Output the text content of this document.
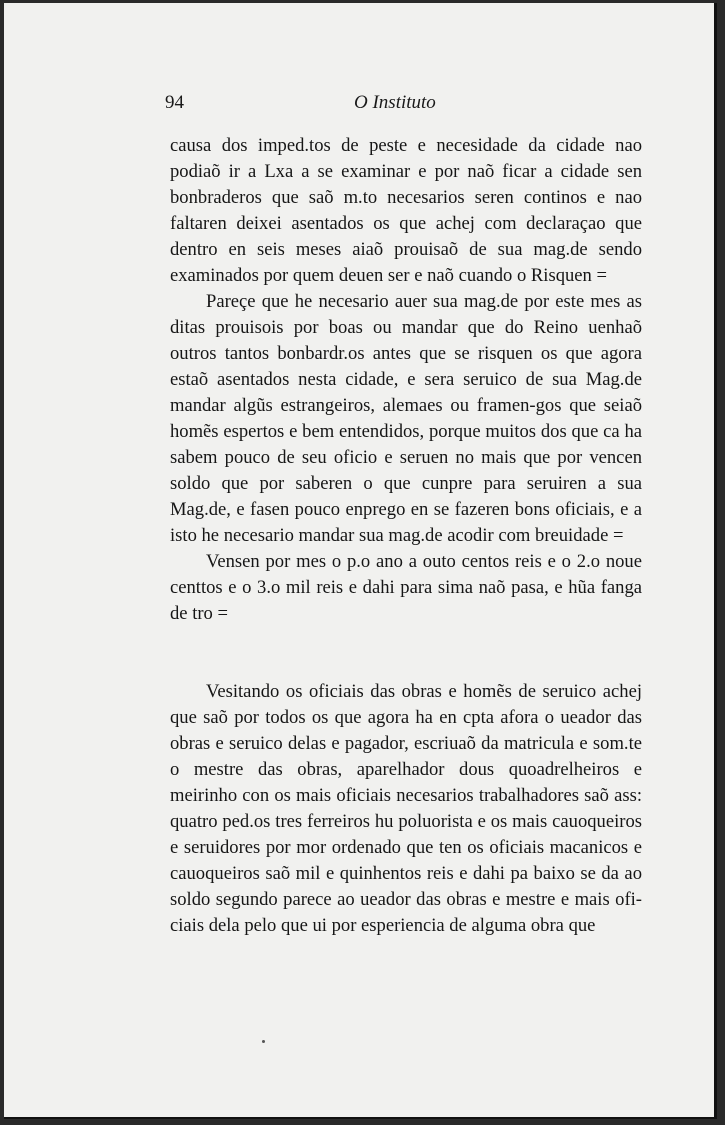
94	O Instituto

causa dos imped.tos de peste e necesidade da cidade nao podiaõ ir a Lxa a se examinar e por naõ ficar a cidade sen bonbraderos que saõ m.to necesarios seren continos e nao faltaren deixei asentados os que achej com declaraçao que dentro en seis meses aiaõ prouisaõ de sua mag.de sendo examinados por quem deuen ser e naõ cuando o Risquen =

Pareçe que he necesario auer sua mag.de por este mes as ditas prouisois por boas ou mandar que do Reino uenhaõ outros tantos bonbardr.os antes que se risquen os que agora estaõ asentados nesta cidade, e sera seruico de sua Mag.de mandar algũs estrangeiros, alemaes ou framen-gos que seiaõ homẽs espertos e bem entendidos, porque muitos dos que ca ha sabem pouco de seu oficio e seruen no mais que por vencen soldo que por saberen o que cunpre para seruiren a sua Mag.de, e fasen pouco enprego en se fazeren bons oficiais, e a isto he necesario mandar sua mag.de acodir com breuidade =

Vensen por mes o p.o ano a outo centos reis e o 2.o noue centtos e o 3.o mil reis e dahi para sima naõ pasa, e hũa fanga de tro =

Vesitando os oficiais das obras e homẽs de seruico achej que saõ por todos os que agora ha en cpta afora o ueador das obras e seruico delas e pagador, escriuaõ da matricula e som.te o mestre das obras, aparelhador dous quoadrelheiros e meirinho con os mais oficiais necesarios trabalhadores saõ ass: quatro ped.os tres ferreiros hu poluorista e os mais cauoqueiros e seruidores por mor ordenado que ten os oficiais macanicos e cauoqueiros saõ mil e quinhentos reis e dahi pa baixo se da ao soldo segundo parece ao ueador das obras e mestre e mais ofi-ciais dela pelo que ui por esperiencia de alguma obra que
